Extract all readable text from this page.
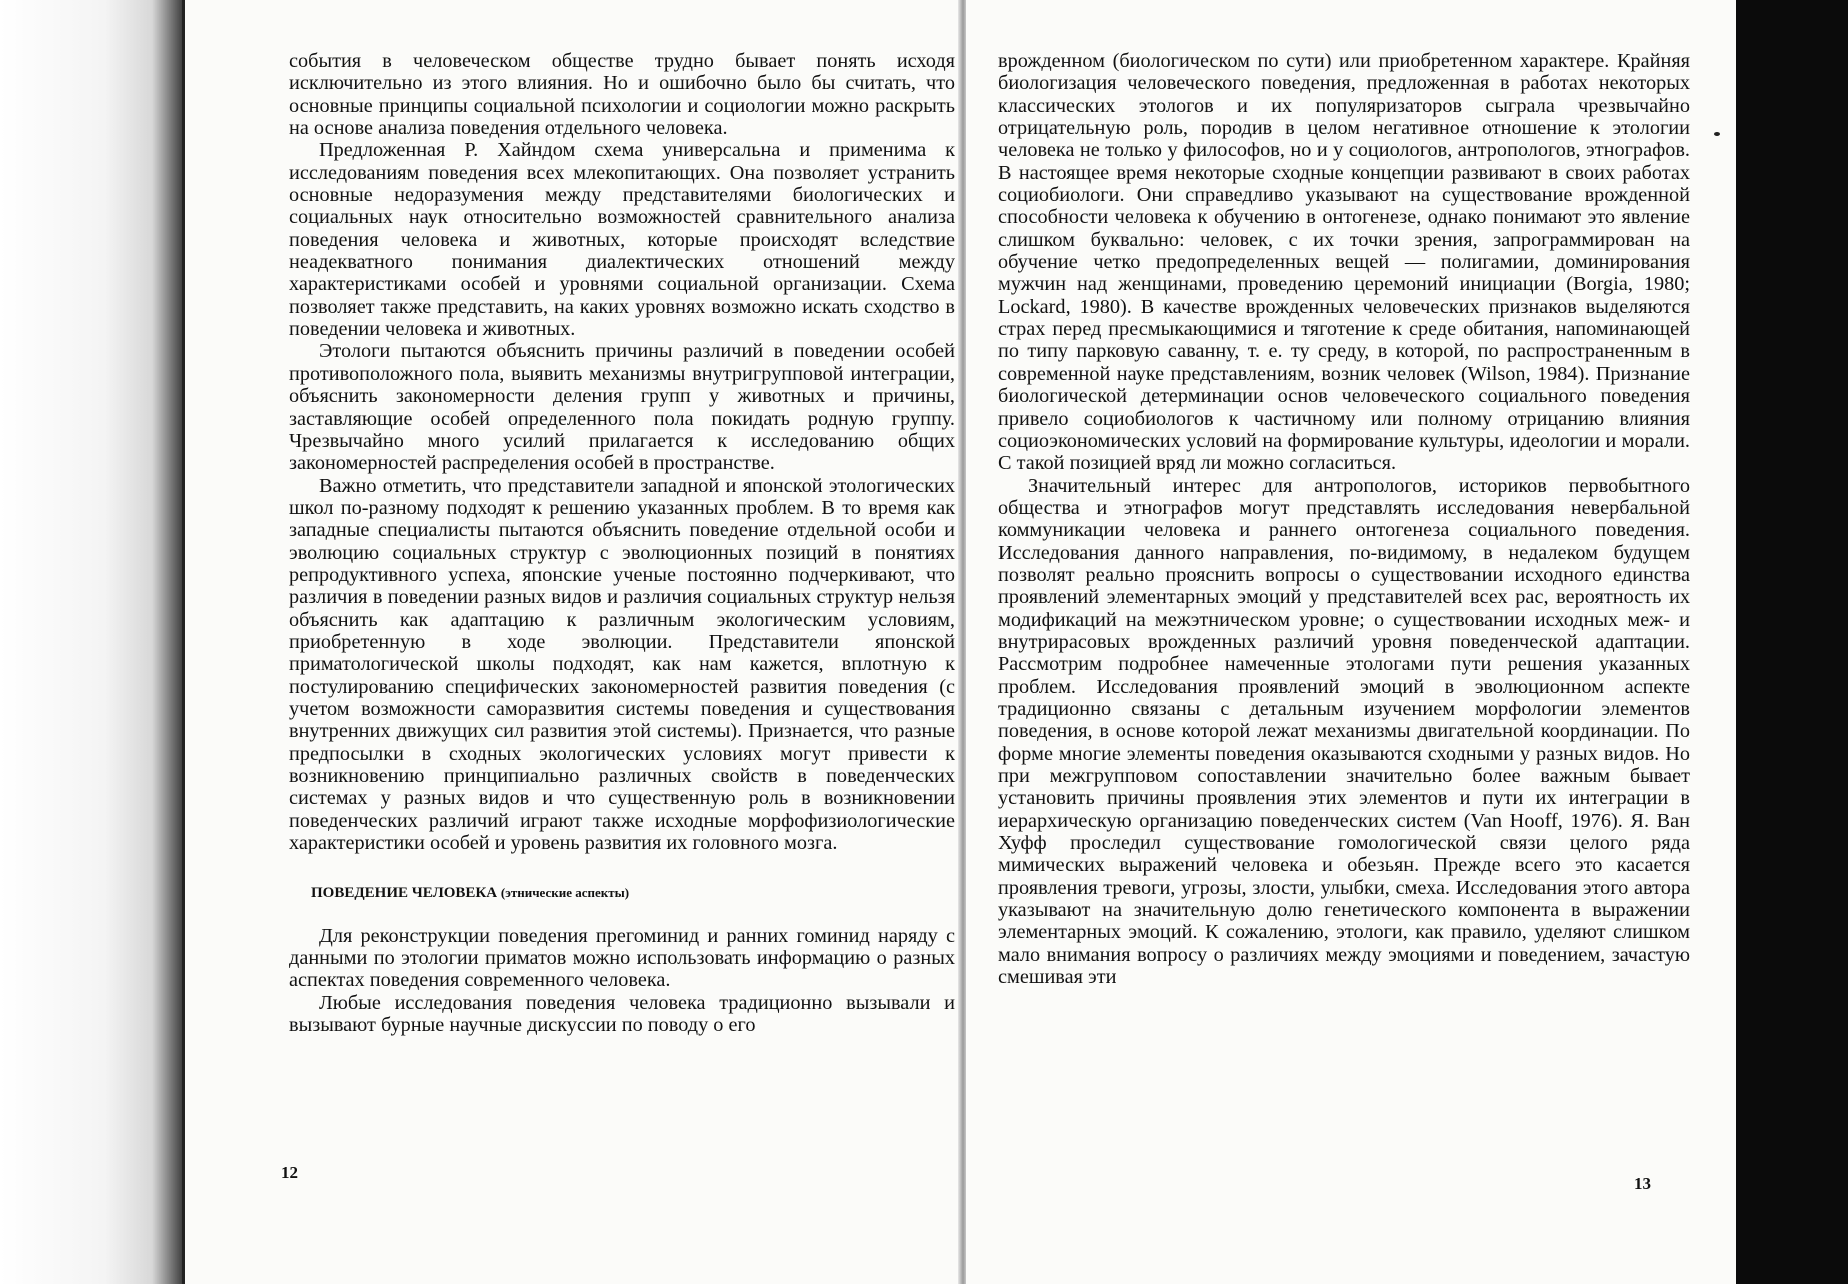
события в человеческом обществе трудно бывает понять исходя исключительно из этого влияния. Но и ошибочно было бы считать, что основные принципы социальной психологии и социологии можно раскрыть на основе анализа поведения отдельного человека.

Предложенная Р. Хайндом схема универсальна и применима к исследованиям поведения всех млекопитающих. Она позволяет устранить основные недоразумения между представителями биологических и социальных наук относительно возможностей сравнительного анализа поведения человека и животных, которые происходят вследствие неадекватного понимания диалектических отношений между характеристиками особей и уровнями социальной организации. Схема позволяет также представить, на каких уровнях возможно искать сходство в поведении человека и животных.

Этологи пытаются объяснить причины различий в поведении особей противоположного пола, выявить механизмы внутригрупповой интеграции, объяснить закономерности деления групп у животных и причины, заставляющие особей определенного пола покидать родную группу. Чрезвычайно много усилий прилагается к исследованию общих закономерностей распределения особей в пространстве.

Важно отметить, что представители западной и японской этологических школ по-разному подходят к решению указанных проблем. В то время как западные специалисты пытаются объяснить поведение отдельной особи и эволюцию социальных структур с эволюционных позиций в понятиях репродуктивного успеха, японские ученые постоянно подчеркивают, что различия в поведении разных видов и различия социальных структур нельзя объяснить как адаптацию к различным экологическим условиям, приобретенную в ходе эволюции. Представители японской приматологической школы подходят, как нам кажется, вплотную к постулированию специфических закономерностей развития поведения (с учетом возможности саморазвития системы поведения и существования внутренних движущих сил развития этой системы). Признается, что разные предпосылки в сходных экологических условиях могут привести к возникновению принципиально различных свойств в поведенческих системах у разных видов и что существенную роль в возникновении поведенческих различий играют также исходные морфофизиологические характеристики особей и уровень развития их головного мозга.

ПОВЕДЕНИЕ ЧЕЛОВЕКА (этнические аспекты)

Для реконструкции поведения прегоминид и ранних гоминид наряду с данными по этологии приматов можно использовать информацию о разных аспектах поведения современного человека.

Любые исследования поведения человека традиционно вызывали и вызывают бурные научные дискуссии по поводу о его

12

врожденном (биологическом по сути) или приобретенном характере. Крайняя биологизация человеческого поведения, предложенная в работах некоторых классических этологов и их популяризаторов сыграла чрезвычайно отрицательную роль, породив в целом негативное отношение к этологии человека не только у философов, но и у социологов, антропологов, этнографов. В настоящее время некоторые сходные концепции развивают в своих работах социобиологи. Они справедливо указывают на существование врожденной способности человека к обучению в онтогенезе, однако понимают это явление слишком буквально: человек, с их точки зрения, запрограммирован на обучение четко предопределенных вещей — полигамии, доминирования мужчин над женщинами, проведению церемоний инициации (Borgia, 1980; Lockard, 1980). В качестве врожденных человеческих признаков выделяются страх перед пресмыкающимися и тяготение к среде обитания, напоминающей по типу парковую саванну, т. е. ту среду, в которой, по распространенным в современной науке представлениям, возник человек (Wilson, 1984). Признание биологической детерминации основ человеческого социального поведения привело социобиологов к частичному или полному отрицанию влияния социоэкономических условий на формирование культуры, идеологии и морали. С такой позицией вряд ли можно согласиться.

Значительный интерес для антропологов, историков первобытного общества и этнографов могут представлять исследования невербальной коммуникации человека и раннего онтогенеза социального поведения. Исследования данного направления, по-видимому, в недалеком будущем позволят реально прояснить вопросы о существовании исходного единства проявлений элементарных эмоций у представителей всех рас, вероятность их модификаций на межэтническом уровне; о существовании исходных меж- и внутрирасовых врожденных различий уровня поведенческой адаптации. Рассмотрим подробнее намеченные этологами пути решения указанных проблем. Исследования проявлений эмоций в эволюционном аспекте традиционно связаны с детальным изучением морфологии элементов поведения, в основе которой лежат механизмы двигательной координации. По форме многие элементы поведения оказываются сходными у разных видов. Но при межгрупповом сопоставлении значительно более важным бывает установить причины проявления этих элементов и пути их интеграции в иерархическую организацию поведенческих систем (Van Hooff, 1976). Я. Ван Хуфф проследил существование гомологической связи целого ряда мимических выражений человека и обезьян. Прежде всего это касается проявления тревоги, угрозы, злости, улыбки, смеха. Исследования этого автора указывают на значительную долю генетического компонента в выражении элементарных эмоций. К сожалению, этологи, как правило, уделяют слишком мало внимания вопросу о различиях между эмоциями и поведением, зачастую смешивая эти

13
